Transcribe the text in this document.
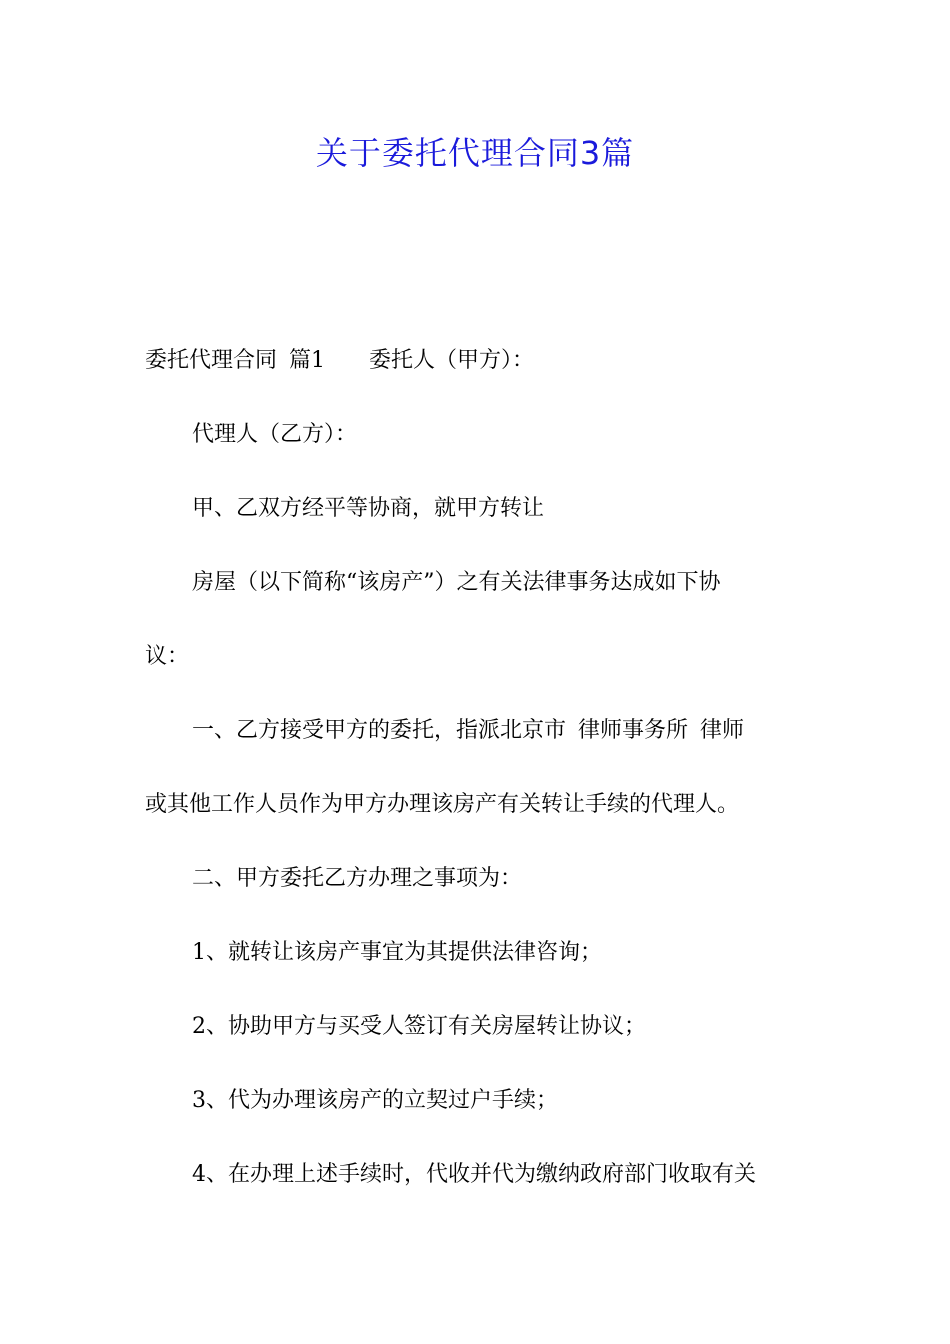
关于委托代理合同3篇

委托代理合同 篇1 委托人（甲方）：

代理人（乙方）：

甲、乙双方经平等协商，就甲方转让

房屋（以下简称“该房产”）之有关法律事务达成如下协

议：

一、乙方接受甲方的委托，指派北京市 律师事务所 律师

或其他工作人员作为甲方办理该房产有关转让手续的代理人。

二、甲方委托乙方办理之事项为：

1、就转让该房产事宜为其提供法律咨询；

2、协助甲方与买受人签订有关房屋转让协议；

3、代为办理该房产的立契过户手续；

4、在办理上述手续时，代收并代为缴纳政府部门收取有关
